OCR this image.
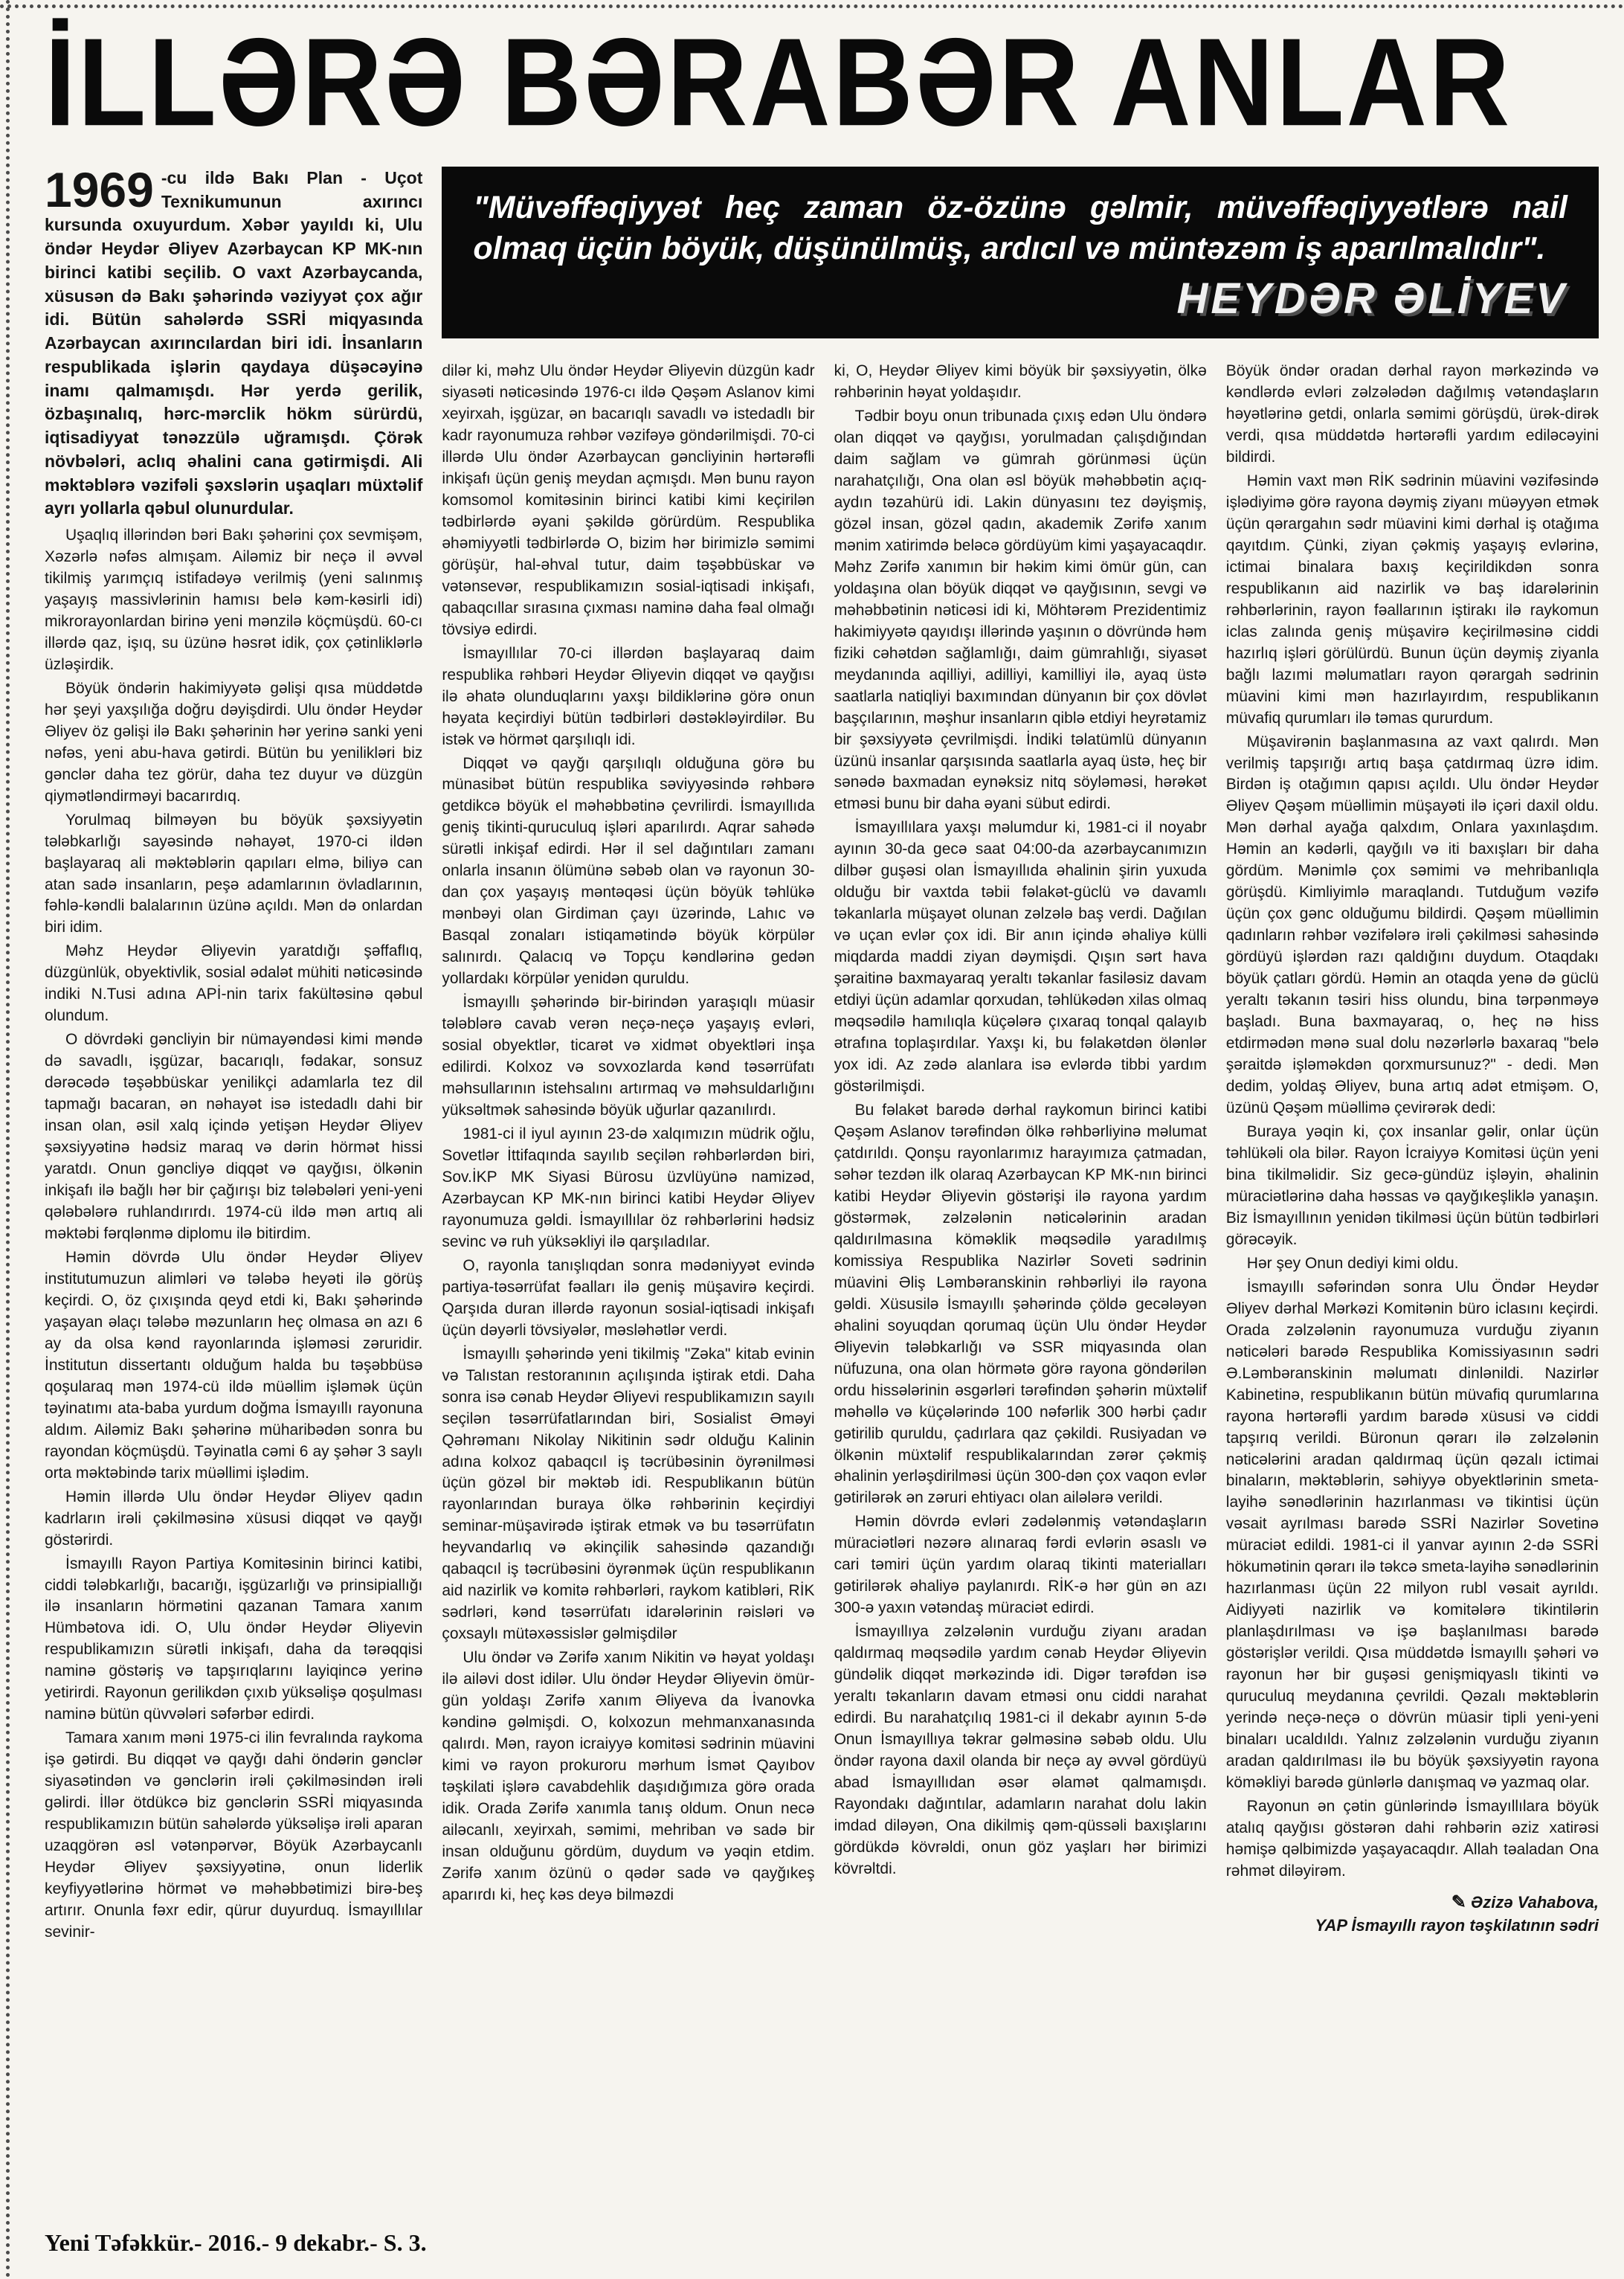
İLLƏRƏ BƏRABƏR ANLAR

1969 -cu ildə Bakı Plan - Uçot Texnikumunun axırıncı kursunda oxuyurdum. Xəbər yayıldı ki, Ulu öndər Heydər Əliyev Azərbaycan KP MK-nın birinci katibi seçilib. O vaxt Azərbaycanda, xüsusən də Bakı şəhərində vəziyyət çox ağır idi. Bütün sahələrdə SSRİ miqyasında Azərbaycan axırıncılardan biri idi. İnsanların respublikada işlərin qaydaya düşəcəyinə inamı qalmamışdı. Hər yerdə gerilik, özbaşınalıq, hərc-mərclik hökm sürürdü, iqtisadiyyat tənəzzülə uğramışdı. Çörək növbələri, aclıq əhalini cana gətirmişdi. Ali məktəblərə vəzifəli şəxslərin uşaqları müxtəlif ayrı yollarla qəbul olunurdular.

Uşaqlıq illərindən bəri Bakı şəhərini çox sevmişəm, Xəzərlə nəfəs almışam. Ailəmiz bir neçə il əvvəl tikilmiş yarımçıq istifadəyə verilmiş (yeni salınmış yaşayış massivlərinin hamısı belə kəm-kəsirli idi) mikrorayonlardan birinə yeni mənzilə köçmüşdü. 60-cı illərdə qaz, işıq, su üzünə həsrət idik, çox çətinliklərlə üzləşirdik.

Böyük öndərin hakimiyyətə gəlişi qısa müddətdə hər şeyi yaxşılığa doğru dəyişdirdi. Ulu öndər Heydər Əliyev öz gəlişi ilə Bakı şəhərinin hər yerinə sanki yeni nəfəs, yeni abu-hava gətirdi. Bütün bu yenilikləri biz gənclər daha tez görür, daha tez duyur və düzgün qiymətləndirməyi bacarırdıq.

Yorulmaq bilməyən bu böyük şəxsiyyətin tələbkarlığı sayəsində nəhayət, 1970-ci ildən başlayaraq ali məktəblərin qapıları elmə, biliyə can atan sadə insanların, peşə adamlarının övladlarının, fəhlə-kəndli balalarının üzünə açıldı. Mən də onlardan biri idim.

Məhz Heydər Əliyevin yaratdığı şəffaflıq, düzgünlük, obyektivlik, sosial ədalət mühiti nəticəsində indiki N.Tusi adına APİ-nin tarix fakültəsinə qəbul olundum.

O dövrdəki gəncliyin bir nümayəndəsi kimi məndə də savadlı, işgüzar, bacarıqlı, fədakar, sonsuz dərəcədə təşəbbüskar yenilikçi adamlarla tez dil tapmağı bacaran, ən nəhayət isə istedadlı dahi bir insan olan, əsil xalq içində yetişən Heydər Əliyev şəxsiyyətinə hədsiz maraq və dərin hörmət hissi yaratdı. Onun gəncliyə diqqət və qayğısı, ölkənin inkişafı ilə bağlı hər bir çağırışı biz tələbələri yeni-yeni qələbələrə ruhlandırırdı. 1974-cü ildə mən artıq ali məktəbi fərqlənmə diplomu ilə bitirdim.

Həmin dövrdə Ulu öndər Heydər Əliyev institutumuzun alimləri və tələbə heyəti ilə görüş keçirdi. O, öz çıxışında qeyd etdi ki, Bakı şəhərində yaşayan əlaçı tələbə məzunların heç olmasa ən azı 6 ay da olsa kənd rayonlarında işləməsi zəruridir. İnstitutun dissertantı olduğum halda bu təşəbbüsə qoşularaq mən 1974-cü ildə müəllim işləmək üçün təyinatımı ata-baba yurdum doğma İsmayıllı rayonuna aldım. Ailəmiz Bakı şəhərinə müharibədən sonra bu rayondan köçmüşdü. Təyinatla cəmi 6 ay şəhər 3 saylı orta məktəbində tarix müəllimi işlədim.

Həmin illərdə Ulu öndər Heydər Əliyev qadın kadrların irəli çəkilməsinə xüsusi diqqət və qayğı göstərirdi.

İsmayıllı Rayon Partiya Komitəsinin birinci katibi, ciddi tələbkarlığı, bacarığı, işgüzarlığı və prinsipiallığı ilə insanların hörmətini qazanan Tamara xanım Hümbətova idi. O, Ulu öndər Heydər Əliyevin respublikamızın sürətli inkişafı, daha da tərəqqisi naminə göstəriş və tapşırıqlarını layiqincə yerinə yetirirdi. Rayonun gerilikdən çıxıb yüksəlişə qoşulması naminə bütün qüvvələri səfərbər edirdi.

Tamara xanım məni 1975-ci ilin fevralında raykoma işə gətirdi. Bu diqqət və qayğı dahi öndərin gənclər siyasətindən və gənclərin irəli çəkilməsindən irəli gəlirdi. İllər ötdükcə biz gənclərin SSRİ miqyasında respublikamızın bütün sahələrdə yüksəlişə irəli aparan uzaqgörən əsl vətənpərvər, Böyük Azərbaycanlı Heydər Əliyev şəxsiyyətinə, onun liderlik keyfiyyətlərinə hörmət və məhəbbətimizi birə-beş artırır. Onunla fəxr edir, qürur duyurduq. İsmayıllılar sevinir-

"Müvəffəqiyyət heç zaman öz-özünə gəlmir, müvəffəqiyyətlərə nail olmaq üçün böyük, düşünülmüş, ardıcıl və müntəzəm iş aparılmalıdır".

HEYDƏR ƏLİYEV

dilər ki, məhz Ulu öndər Heydər Əliyevin düzgün kadr siyasəti nəticəsində 1976-cı ildə Qəşəm Aslanov kimi xeyirxah, işgüzar, ən bacarıqlı savadlı və istedadlı bir kadr rayonumuza rəhbər vəzifəyə göndərilmişdi. 70-ci illərdə Ulu öndər Azərbaycan gəncliyinin hərtərəfli inkişafı üçün geniş meydan açmışdı. Mən bunu rayon komsomol komitəsinin birinci katibi kimi keçirilən tədbirlərdə əyani şəkildə görürdüm. Respublika əhəmiyyətli tədbirlərdə O, bizim hər birimizlə səmimi görüşür, hal-əhval tutur, daim təşəbbüskar və vətənsevər, respublikamızın sosial-iqtisadi inkişafı, qabaqcıllar sırasına çıxması naminə daha fəal olmağı tövsiyə edirdi.

İsmayıllılar 70-ci illərdən başlayaraq daim respublika rəhbəri Heydər Əliyevin diqqət və qayğısı ilə əhatə olunduqlarını yaxşı bildiklərinə görə onun həyata keçirdiyi bütün tədbirləri dəstəkləyirdilər. Bu istək və hörmət qarşılıqlı idi.

Diqqət və qayğı qarşılıqlı olduğuna görə bu münasibət bütün respublika səviyyəsində rəhbərə getdikcə böyük el məhəbbətinə çevrilirdi. İsmayıllıda geniş tikinti-quruculuq işləri aparılırdı. Aqrar sahədə sürətli inkişaf edirdi. Hər il sel dağıntıları zamanı onlarla insanın ölümünə səbəb olan və rayonun 30-dan çox yaşayış məntəqəsi üçün böyük təhlükə mənbəyi olan Girdiman çayı üzərində, Lahıc və Basqal zonaları istiqamətində böyük körpülər salınırdı. Qalacıq və Topçu kəndlərinə gedən yollardakı körpülər yenidən quruldu.

İsmayıllı şəhərində bir-birindən yaraşıqlı müasir tələblərə cavab verən neçə-neçə yaşayış evləri, sosial obyektlər, ticarət və xidmət obyektləri inşa edilirdi. Kolxoz və sovxozlarda kənd təsərrüfatı məhsullarının istehsalını artırmaq və məhsuldarlığını yüksəltmək sahəsində böyük uğurlar qazanılırdı.

1981-ci il iyul ayının 23-də xalqımızın müdrik oğlu, Sovetlər İttifaqında sayılıb seçilən rəhbərlərdən biri, Sov.İKP MK Siyasi Bürosu üzvlüyünə namizəd, Azərbaycan KP MK-nın birinci katibi Heydər Əliyev rayonumuza gəldi. İsmayıllılar öz rəhbərlərini hədsiz sevinc və ruh yüksəkliyi ilə qarşıladılar.

O, rayonla tanışlıqdan sonra mədəniyyət evində partiya-təsərrüfat fəalları ilə geniş müşavirə keçirdi. Qarşıda duran illərdə rayonun sosial-iqtisadi inkişafı üçün dəyərli tövsiyələr, məsləhətlər verdi.

İsmayıllı şəhərində yeni tikilmiş "Zəka" kitab evinin və Talıstan restoranının açılışında iştirak etdi. Daha sonra isə cənab Heydər Əliyevi respublikamızın sayılı seçilən təsərrüfatlarından biri, Sosialist Əməyi Qəhrəmanı Nikolay Nikitinin sədr olduğu Kalinin adına kolxoz qabaqcıl iş təcrübəsinin öyrənilməsi üçün gözəl bir məktəb idi. Respublikanın bütün rayonlarından buraya ölkə rəhbərinin keçirdiyi seminar-müşavirədə iştirak etmək və bu təsərrüfatın heyvandarlıq və əkinçilik sahəsində qazandığı qabaqcıl iş təcrübəsini öyrənmək üçün respublikanın aid nazirlik və komitə rəhbərləri, raykom katibləri, RİK sədrləri, kənd təsərrüfatı idarələrinin rəisləri və çoxsaylı mütəxəssislər gəlmişdilər

Ulu öndər və Zərifə xanım Nikitin və həyat yoldaşı ilə ailəvi dost idilər. Ulu öndər Heydər Əliyevin ömür-gün yoldaşı Zərifə xanım Əliyeva da İvanovka kəndinə gəlmişdi. O, kolxozun mehmanxanasında qalırdı. Mən, rayon icraiyyə komitəsi sədrinin müavini kimi və rayon prokuroru mərhum İsmət Qayıbov təşkilati işlərə cavabdehlik daşıdığımıza görə orada idik. Orada Zərifə xanımla tanış oldum. Onun necə ailəcanlı, xeyirxah, səmimi, mehriban və sadə bir insan olduğunu gördüm, duydum və yəqin etdim. Zərifə xanım özünü o qədər sadə və qayğıkeş aparırdı ki, heç kəs deyə bilməzdi

ki, O, Heydər Əliyev kimi böyük bir şəxsiyyətin, ölkə rəhbərinin həyat yoldaşıdır.

Tədbir boyu onun tribunada çıxış edən Ulu öndərə olan diqqət və qayğısı, yorulmadan çalışdığından daim sağlam və gümrah görünməsi üçün narahatçılığı, Ona olan əsl böyük məhəbbətin açıq-aydın təzahürü idi. Lakin dünyasını tez dəyişmiş, gözəl insan, gözəl qadın, akademik Zərifə xanım mənim xatirimdə beləcə gördüyüm kimi yaşayacaqdır. Məhz Zərifə xanımın bir həkim kimi ömür gün, can yoldaşına olan böyük diqqət və qayğısının, sevgi və məhəbbətinin nəticəsi idi ki, Möhtərəm Prezidentimiz hakimiyyətə qayıdışı illərində yaşının o dövründə həm fiziki cəhətdən sağlamlığı, daim gümrahlığı, siyasət meydanında aqilliyi, adilliyi, kamilliyi ilə, ayaq üstə saatlarla natiqliyi baxımından dünyanın bir çox dövlət başçılarının, məşhur insanların qiblə etdiyi heyrətamiz bir şəxsiyyətə çevrilmişdi. İndiki təlatümlü dünyanın üzünü insanlar qarşısında saatlarla ayaq üstə, heç bir sənədə baxmadan eynəksiz nitq söyləməsi, hərəkət etməsi bunu bir daha əyani sübut edirdi.

İsmayıllılara yaxşı məlumdur ki, 1981-ci il noyabr ayının 30-da gecə saat 04:00-da azərbaycanımızın dilbər guşəsi olan İsmayıllıda əhalinin şirin yuxuda olduğu bir vaxtda təbii fəlakət-güclü və davamlı təkanlarla müşayət olunan zəlzələ baş verdi. Dağılan və uçan evlər çox idi. Bir anın içində əhaliyə külli miqdarda maddi ziyan dəymişdi. Qışın sərt hava şəraitinə baxmayaraq yeraltı təkanlar fasiləsiz davam etdiyi üçün adamlar qorxudan, təhlükədən xilas olmaq məqsədilə hamılıqla küçələrə çıxaraq tonqal qalayıb ətrafına toplaşırdılar. Yaxşı ki, bu fəlakətdən ölənlər yox idi. Az zədə alanlara isə evlərdə tibbi yardım göstərilmişdi.

Bu fəlakət barədə dərhal raykomun birinci katibi Qəşəm Aslanov tərəfindən ölkə rəhbərliyinə məlumat çatdırıldı. Qonşu rayonlarımız harayımıza çatmadan, səhər tezdən ilk olaraq Azərbaycan KP MK-nın birinci katibi Heydər Əliyevin göstərişi ilə rayona yardım göstərmək, zəlzələnin nəticələrinin aradan qaldırılmasına köməklik məqsədilə yaradılmış komissiya Respublika Nazirlər Soveti sədrinin müavini Əliş Ləmbəranskinin rəhbərliyi ilə rayona gəldi. Xüsusilə İsmayıllı şəhərində çöldə gecələyən əhalini soyuqdan qorumaq üçün Ulu öndər Heydər Əliyevin tələbkarlığı və SSR miqyasında olan nüfuzuna, ona olan hörmətə görə rayona göndərilən ordu hissələrinin əsgərləri tərəfindən şəhərin müxtəlif məhəllə və küçələrində 100 nəfərlik 300 hərbi çadır gətirilib quruldu, çadırlara qaz çəkildi. Rusiyadan və ölkənin müxtəlif respublikalarından zərər çəkmiş əhalinin yerləşdirilməsi üçün 300-dən çox vaqon evlər gətirilərək ən zəruri ehtiyacı olan ailələrə verildi.

Həmin dövrdə evləri zədələnmiş vətəndaşların müraciətləri nəzərə alınaraq fərdi evlərin əsaslı və cari təmiri üçün yardım olaraq tikinti materialları gətirilərək əhaliyə paylanırdı. RİK-ə hər gün ən azı 300-ə yaxın vətəndaş müraciət edirdi.

İsmayıllıya zəlzələnin vurduğu ziyanı aradan qaldırmaq məqsədilə yardım cənab Heydər Əliyevin gündəlik diqqət mərkəzində idi. Digər tərəfdən isə yeraltı təkanların davam etməsi onu ciddi narahat edirdi. Bu narahatçılıq 1981-ci il dekabr ayının 5-də Onun İsmayıllıya təkrar gəlməsinə səbəb oldu. Ulu öndər rayona daxil olanda bir neçə ay əvvəl gördüyü abad İsmayıllıdan əsər əlamət qalmamışdı. Rayondakı dağıntılar, adamların narahat dolu lakin imdad diləyən, Ona dikilmiş qəm-qüssəli baxışlarını gördükdə kövrəldi, onun göz yaşları hər birimizi kövrəltdi.

Böyük öndər oradan dərhal rayon mərkəzində və kəndlərdə evləri zəlzələdən dağılmış vətəndaşların həyətlərinə getdi, onlarla səmimi görüşdü, ürək-dirək verdi, qısa müddətdə hərtərəfli yardım ediləcəyini bildirdi.

Həmin vaxt mən RİK sədrinin müavini vəzifəsində işlədiyimə görə rayona dəymiş ziyanı müəyyən etmək üçün qərargahın sədr müavini kimi dərhal iş otağıma qayıtdım. Çünki, ziyan çəkmiş yaşayış evlərinə, ictimai binalara baxış keçirildikdən sonra respublikanın aid nazirlik və baş idarələrinin rəhbərlərinin, rayon fəallarının iştirakı ilə raykomun iclas zalında geniş müşavirə keçirilməsinə ciddi hazırlıq işləri görülürdü. Bunun üçün dəymiş ziyanla bağlı lazımi məlumatları rayon qərargah sədrinin müavini kimi mən hazırlayırdım, respublikanın müvafiq qurumları ilə təmas qururdum.

Müşavirənin başlanmasına az vaxt qalırdı. Mən verilmiş tapşırığı artıq başa çatdırmaq üzrə idim. Birdən iş otağımın qapısı açıldı. Ulu öndər Heydər Əliyev Qəşəm müəllimin müşayəti ilə içəri daxil oldu. Mən dərhal ayağa qalxdım, Onlara yaxınlaşdım. Həmin an kədərli, qayğılı və iti baxışları bir daha gördüm. Mənimlə çox səmimi və mehribanlıqla görüşdü. Kimliyimlə maraqlandı. Tutduğum vəzifə üçün çox gənc olduğumu bildirdi. Qəşəm müəllimin qadınların rəhbər vəzifələrə irəli çəkilməsi sahəsində gördüyü işlərdən razı qaldığını duydum. Otaqdakı böyük çatları gördü. Həmin an otaqda yenə də güclü yeraltı təkanın təsiri hiss olundu, bina tərpənməyə başladı. Buna baxmayaraq, o, heç nə hiss etdirmədən mənə sual dolu nəzərlərlə baxaraq "belə şəraitdə işləməkdən qorxmursunuz?" - dedi. Mən dedim, yoldaş Əliyev, buna artıq adət etmişəm. O, üzünü Qəşəm müəllimə çevirərək dedi:

Buraya yəqin ki, çox insanlar gəlir, onlar üçün təhlükəli ola bilər. Rayon İcraiyyə Komitəsi üçün yeni bina tikilməlidir. Siz gecə-gündüz işləyin, əhalinin müraciətlərinə daha həssas və qayğıkeşliklə yanaşın. Biz İsmayıllının yenidən tikilməsi üçün bütün tədbirləri görəcəyik.

Hər şey Onun dediyi kimi oldu.

İsmayıllı səfərindən sonra Ulu Öndər Heydər Əliyev dərhal Mərkəzi Komitənin büro iclasını keçirdi. Orada zəlzələnin rayonumuza vurduğu ziyanın nəticələri barədə Respublika Komissiyasının sədri Ə.Ləmbəranskinin məlumatı dinlənildi. Nazirlər Kabinetinə, respublikanın bütün müvafiq qurumlarına rayona hərtərəfli yardım barədə xüsusi və ciddi tapşırıq verildi. Büronun qərarı ilə zəlzələnin nəticələrini aradan qaldırmaq üçün qəzalı ictimai binaların, məktəblərin, səhiyyə obyektlərinin smeta-layihə sənədlərinin hazırlanması və tikintisi üçün vəsait ayrılması barədə SSRİ Nazirlər Sovetinə müraciət edildi. 1981-ci il yanvar ayının 2-də SSRİ hökumətinin qərarı ilə təkcə smeta-layihə sənədlərinin hazırlanması üçün 22 milyon rubl vəsait ayrıldı. Aidiyyəti nazirlik və komitələrə tikintilərin planlaşdırılması və işə başlanılması barədə göstərişlər verildi. Qısa müddətdə İsmayıllı şəhəri və rayonun hər bir guşəsi genişmiqyaslı tikinti və quruculuq meydanına çevrildi. Qəzalı məktəblərin yerində neçə-neçə o dövrün müasir tipli yeni-yeni binaları ucaldıldı. Yalnız zəlzələnin vurduğu ziyanın aradan qaldırılması ilə bu böyük şəxsiyyətin rayona köməkliyi barədə günlərlə danışmaq və yazmaq olar.

Rayonun ən çətin günlərində İsmayıllılara böyük atalıq qayğısı göstərən dahi rəhbərin əziz xatirəsi həmişə qəlbimizdə yaşayacaqdır. Allah təaladan Ona rəhmət diləyirəm.

✎ Əzizə Vahabova,
YAP İsmayıllı rayon təşkilatının sədri
Yeni Təfəkkür.- 2016.- 9 dekabr.- S. 3.
